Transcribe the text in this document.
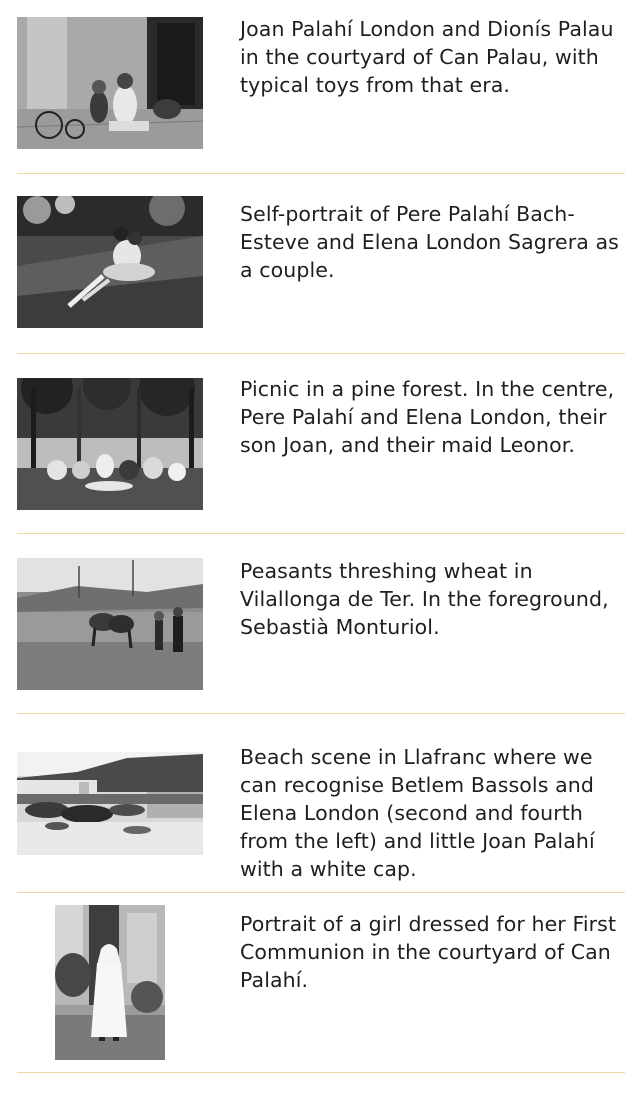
Joan Palahí London and Dionís Palau in the courtyard of Can Palau, with typical toys from that era.

Self-portrait of Pere Palahí Bach-Esteve and Elena London Sagrera as a couple.

Picnic in a pine forest. In the centre, Pere Palahí and Elena London, their son Joan, and their maid Leonor.

Peasants threshing wheat in Vilallonga de Ter. In the foreground, Sebastià Monturiol.

Beach scene in Llafranc where we can recognise Betlem Bassols and Elena London (second and fourth from the left) and little Joan Palahí with a white cap.

Portrait of a girl dressed for her First Communion in the courtyard of Can Palahí.
